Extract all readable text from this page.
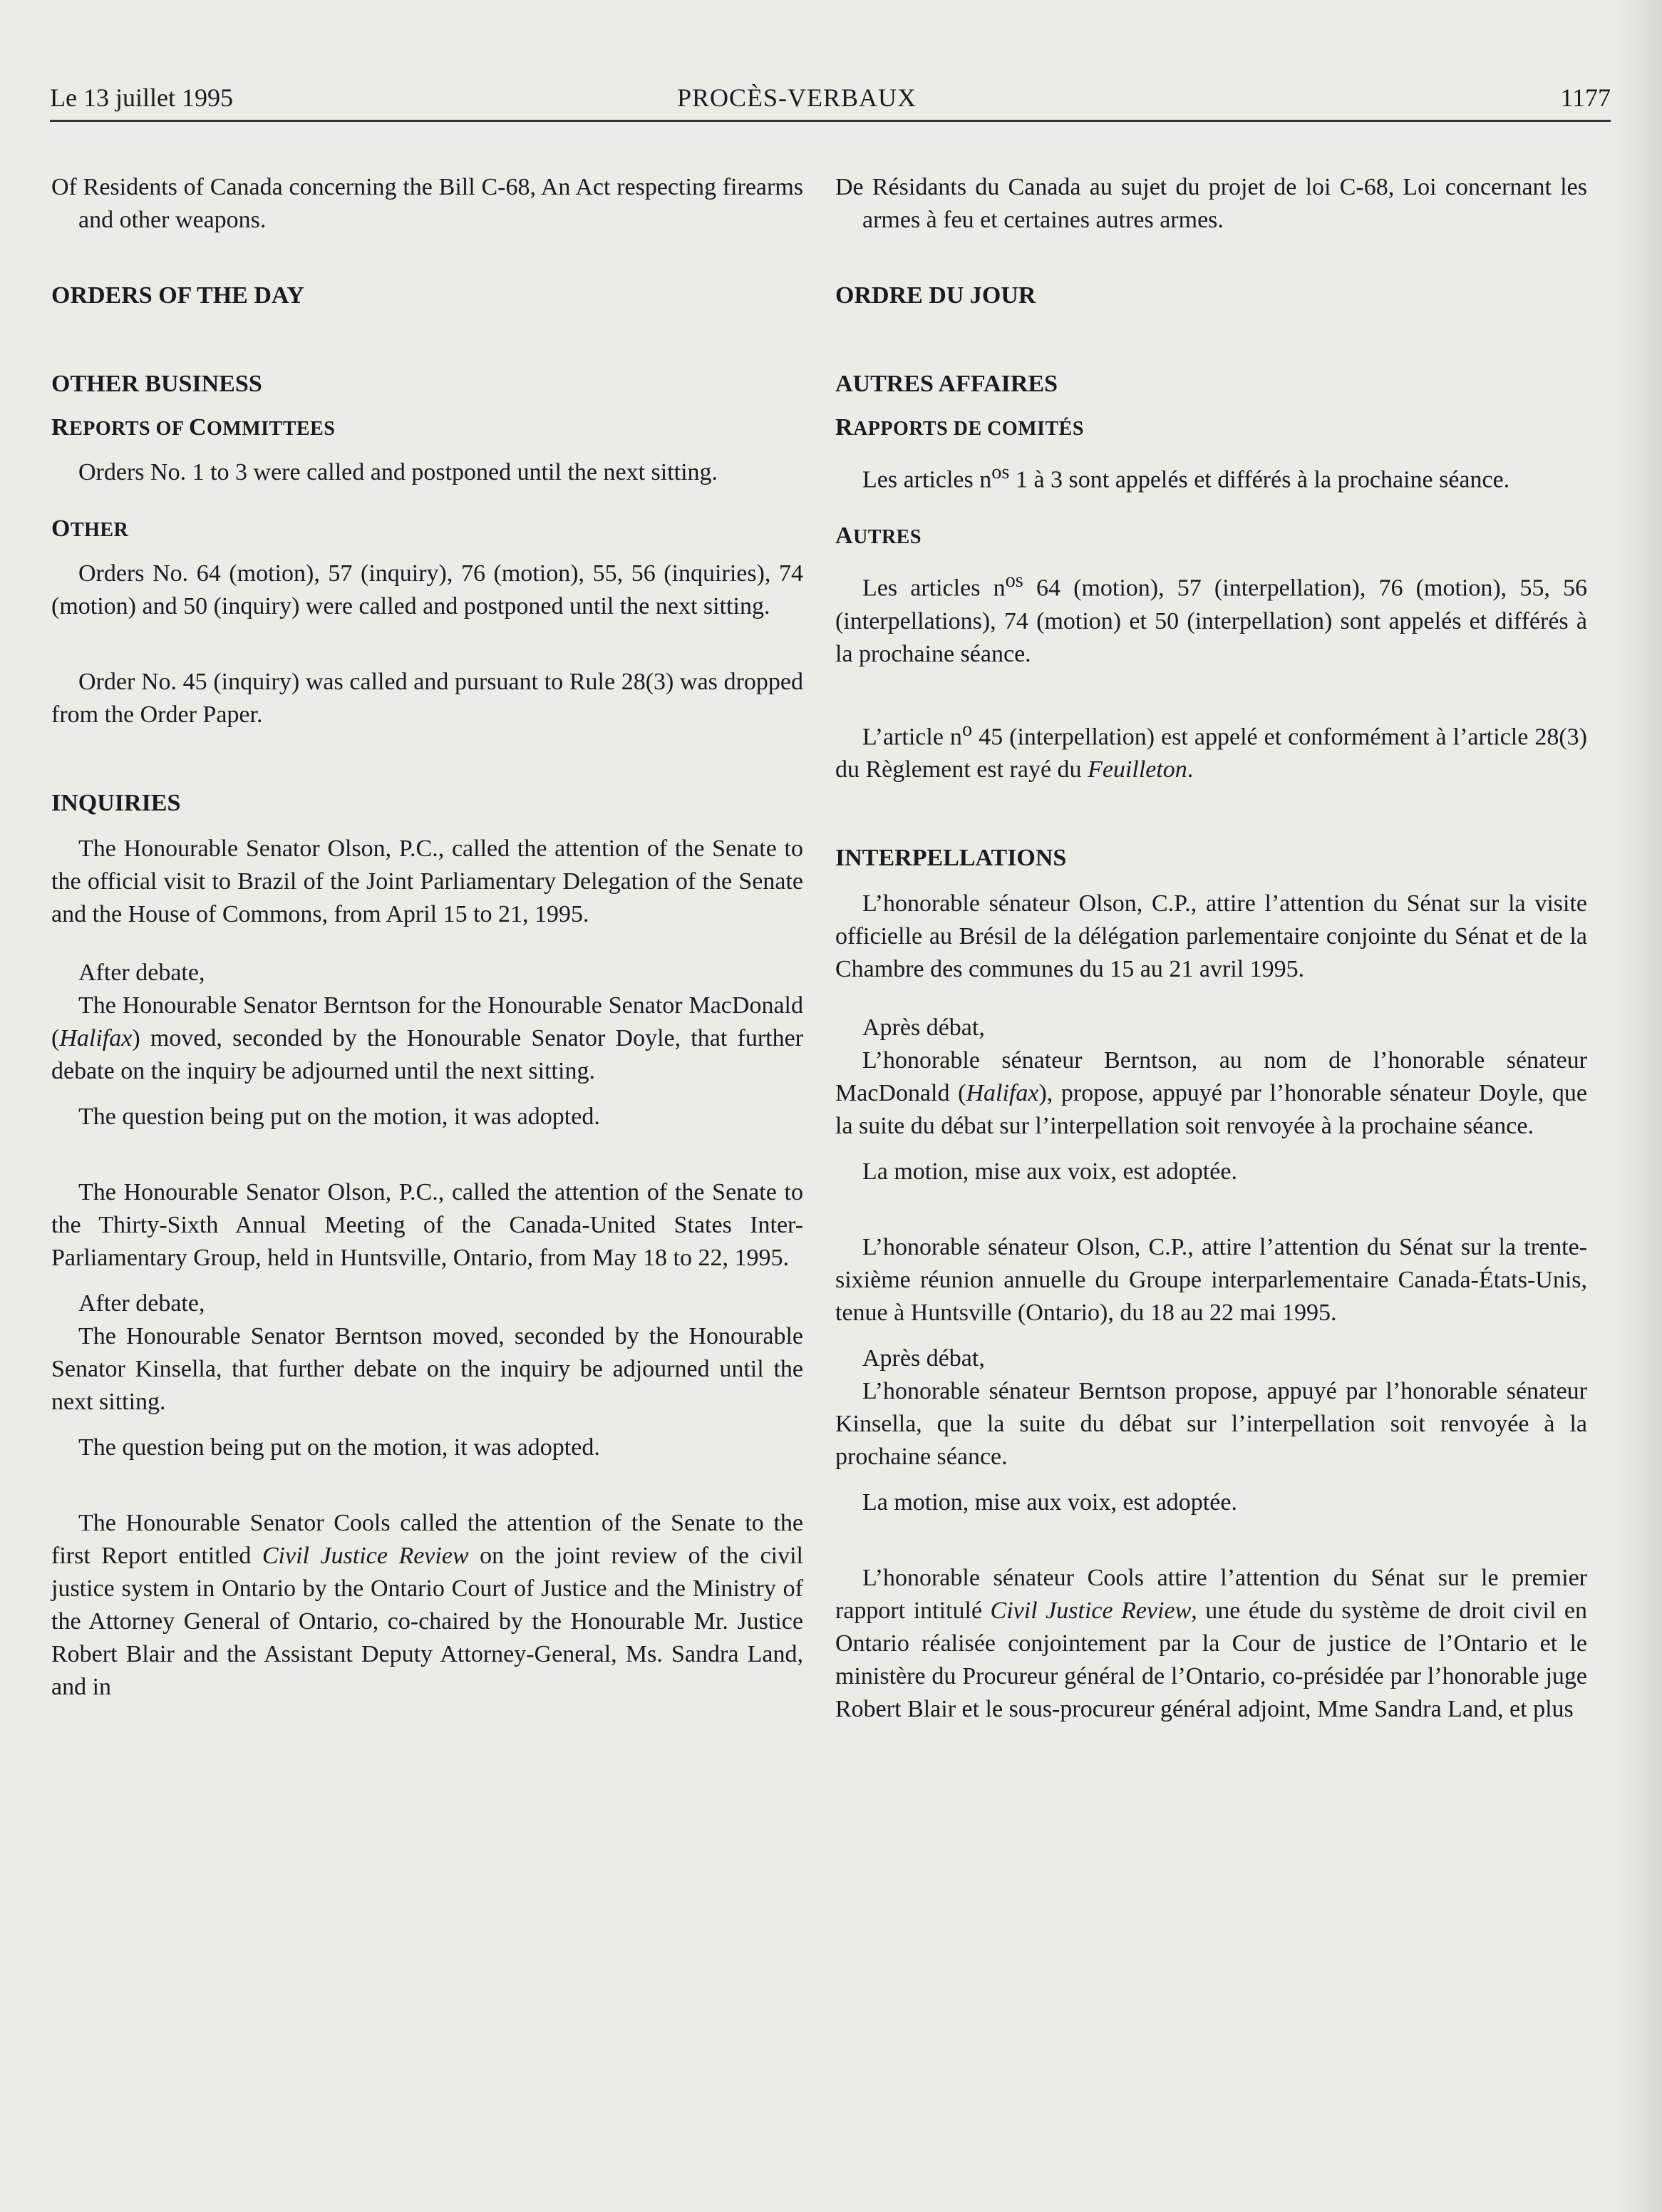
Le 13 juillet 1995	PROCÈS-VERBAUX	1177

Of Residents of Canada concerning the Bill C-68, An Act respecting firearms and other weapons.

ORDERS OF THE DAY

OTHER BUSINESS

REPORTS OF COMMITTEES

Orders No. 1 to 3 were called and postponed until the next sitting.

OTHER

Orders No. 64 (motion), 57 (inquiry), 76 (motion), 55, 56 (inquiries), 74 (motion) and 50 (inquiry) were called and postponed until the next sitting.

Order No. 45 (inquiry) was called and pursuant to Rule 28(3) was dropped from the Order Paper.

INQUIRIES

The Honourable Senator Olson, P.C., called the attention of the Senate to the official visit to Brazil of the Joint Parliamentary Delegation of the Senate and the House of Commons, from April 15 to 21, 1995.

After debate,

The Honourable Senator Berntson for the Honourable Senator MacDonald (Halifax) moved, seconded by the Honourable Senator Doyle, that further debate on the inquiry be adjourned until the next sitting.

The question being put on the motion, it was adopted.

The Honourable Senator Olson, P.C., called the attention of the Senate to the Thirty-Sixth Annual Meeting of the Canada-United States Inter-Parliamentary Group, held in Huntsville, Ontario, from May 18 to 22, 1995.

After debate,

The Honourable Senator Berntson moved, seconded by the Honourable Senator Kinsella, that further debate on the inquiry be adjourned until the next sitting.

The question being put on the motion, it was adopted.

The Honourable Senator Cools called the attention of the Senate to the first Report entitled Civil Justice Review on the joint review of the civil justice system in Ontario by the Ontario Court of Justice and the Ministry of the Attorney General of Ontario, co-chaired by the Honourable Mr. Justice Robert Blair and the Assistant Deputy Attorney-General, Ms. Sandra Land, and in

De Résidants du Canada au sujet du projet de loi C-68, Loi concernant les armes à feu et certaines autres armes.

ORDRE DU JOUR

AUTRES AFFAIRES

RAPPORTS DE COMITÉS

Les articles $n^{os}$ 1 à 3 sont appelés et différés à la prochaine séance.

AUTRES

Les articles $n^{os}$ 64 (motion), 57 (interpellation), 76 (motion), 55, 56 (interpellations), 74 (motion) et 50 (interpellation) sont appelés et différés à la prochaine séance.

L’article $n^o$ 45 (interpellation) est appelé et conformément à l’article 28(3) du Règlement est rayé du Feuilleton.

INTERPELLATIONS

L’honorable sénateur Olson, C.P., attire l’attention du Sénat sur la visite officielle au Brésil de la délégation parlementaire conjointe du Sénat et de la Chambre des communes du 15 au 21 avril 1995.

Après débat,

L’honorable sénateur Berntson, au nom de l’honorable sénateur MacDonald (Halifax), propose, appuyé par l’honorable sénateur Doyle, que la suite du débat sur l’interpellation soit renvoyée à la prochaine séance.

La motion, mise aux voix, est adoptée.

L’honorable sénateur Olson, C.P., attire l’attention du Sénat sur la trente-sixième réunion annuelle du Groupe interparlementaire Canada-États-Unis, tenue à Huntsville (Ontario), du 18 au 22 mai 1995.

Après débat,

L’honorable sénateur Berntson propose, appuyé par l’honorable sénateur Kinsella, que la suite du débat sur l’interpellation soit renvoyée à la prochaine séance.

La motion, mise aux voix, est adoptée.

L’honorable sénateur Cools attire l’attention du Sénat sur le premier rapport intitulé Civil Justice Review, une étude du système de droit civil en Ontario réalisée conjointement par la Cour de justice de l’Ontario et le ministère du Procureur général de l’Ontario, co-présidée par l’honorable juge Robert Blair et le sous-procureur général adjoint, Mme Sandra Land, et plus
